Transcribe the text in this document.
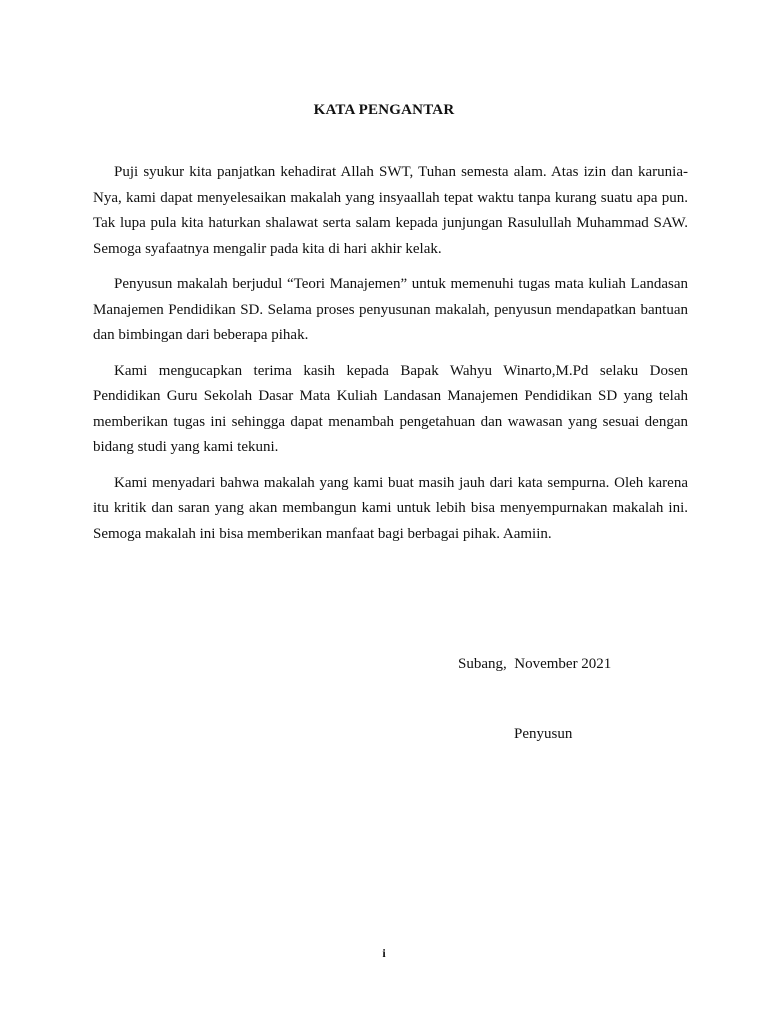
KATA PENGANTAR

Puji syukur kita panjatkan kehadirat Allah SWT, Tuhan semesta alam. Atas izin dan karunia-Nya, kami dapat menyelesaikan makalah yang insyaallah tepat waktu tanpa kurang suatu apa pun. Tak lupa pula kita haturkan shalawat serta salam kepada junjungan Rasulullah Muhammad SAW. Semoga syafaatnya mengalir pada kita di hari akhir kelak.

Penyusun makalah berjudul “Teori Manajemen” untuk memenuhi tugas mata kuliah Landasan Manajemen Pendidikan SD. Selama proses penyusunan makalah, penyusun mendapatkan bantuan dan bimbingan dari beberapa pihak.

Kami mengucapkan terima kasih kepada Bapak Wahyu Winarto,M.Pd selaku Dosen Pendidikan Guru Sekolah Dasar Mata Kuliah Landasan Manajemen Pendidikan SD yang telah memberikan tugas ini sehingga dapat menambah pengetahuan dan wawasan yang sesuai dengan bidang studi yang kami tekuni.

Kami menyadari bahwa makalah yang kami buat masih jauh dari kata sempurna. Oleh karena itu kritik dan saran yang akan membangun kami untuk lebih bisa menyempurnakan makalah ini. Semoga makalah ini bisa memberikan manfaat bagi berbagai pihak. Aamiin.

Subang,  November 2021
Penyusun
i
